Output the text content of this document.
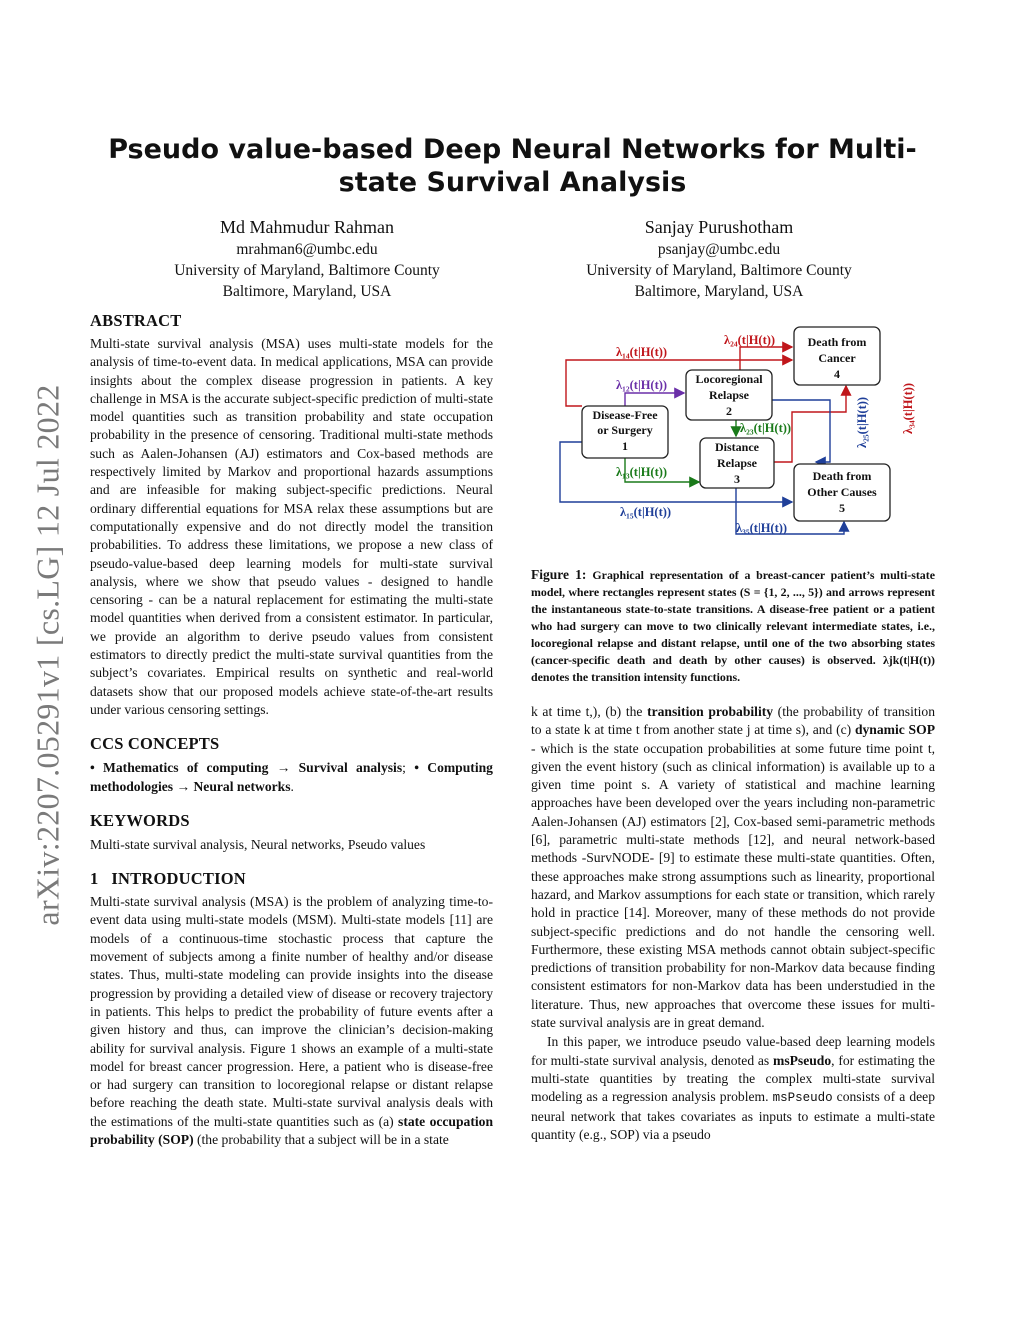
arXiv:2207.05291v1 [cs.LG] 12 Jul 2022
Pseudo value-based Deep Neural Networks for Multi-state Survival Analysis
Md Mahmudur Rahman
mrahman6@umbc.edu
University of Maryland, Baltimore County
Baltimore, Maryland, USA
Sanjay Purushotham
psanjay@umbc.edu
University of Maryland, Baltimore County
Baltimore, Maryland, USA
ABSTRACT

Multi-state survival analysis (MSA) uses multi-state models for the analysis of time-to-event data. In medical applications, MSA can provide insights about the complex disease progression in patients. A key challenge in MSA is the accurate subject-specific prediction of multi-state model quantities such as transition probability and state occupation probability in the presence of censoring. Traditional multi-state methods such as Aalen-Johansen (AJ) estimators and Cox-based methods are respectively limited by Markov and proportional hazards assumptions and are infeasible for making subject-specific predictions. Neural ordinary differential equations for MSA relax these assumptions but are computationally expensive and do not directly model the transition probabilities. To address these limitations, we propose a new class of pseudo-value-based deep learning models for multi-state survival analysis, where we show that pseudo values - designed to handle censoring - can be a natural replacement for estimating the multi-state model quantities when derived from a consistent estimator. In particular, we provide an algorithm to derive pseudo values from consistent estimators to directly predict the multi-state survival quantities from the subject’s covariates. Empirical results on synthetic and real-world datasets show that our proposed models achieve state-of-the-art results under various censoring settings.

CCS CONCEPTS

• Mathematics of computing → Survival analysis; • Computing methodologies → Neural networks.

KEYWORDS

Multi-state survival analysis, Neural networks, Pseudo values

1   INTRODUCTION

Multi-state survival analysis (MSA) is the problem of analyzing time-to-event data using multi-state models (MSM). Multi-state models [11] are models of a continuous-time stochastic process that capture the movement of subjects among a finite number of healthy and/or disease states. Thus, multi-state modeling can provide insights into the disease progression by providing a detailed view of disease or recovery trajectory in patients. This helps to predict the probability of future events after a given history and thus, can improve the clinician’s decision-making ability for survival analysis. Figure 1 shows an example of a multi-state model for breast cancer progression. Here, a patient who is disease-free or had surgery can transition to locoregional relapse or distant relapse before reaching the death state. Multi-state survival analysis deals with the estimations of the multi-state quantities such as (a) state occupation probability (SOP) (the probability that a subject will be in a state

Disease-Free
or Surgery
1
Locoregional
Relapse
2
Distance
Relapse
3
Death from
Cancer
4
Death from
Other Causes
5
λ₁₄(t|H(t))
λ₂₄(t|H(t))
λ₁₂(t|H(t))
λ₂₃(t|H(t))
λ₁₃(t|H(t))
λ₁₅(t|H(t))
λ₃₅(t|H(t))
λ₂₅(t|H(t))	λ₃₄(t|H(t))
Figure 1: Graphical representation of a breast-cancer patient’s multi-state model, where rectangles represent states (S = {1, 2, ..., 5}) and arrows represent the instantaneous state-to-state transitions. A disease-free patient or a patient who had surgery can move to two clinically relevant intermediate states, i.e., locoregional relapse and distant relapse, until one of the two absorbing states (cancer-specific death and death by other causes) is observed. λjk(t|H(t)) denotes the transition intensity functions.

k at time t,), (b) the transition probability (the probability of transition to a state k at time t from another state j at time s), and (c) dynamic SOP - which is the state occupation probabilities at some future time point t, given the event history (such as clinical information) is available up to a given time point s. A variety of statistical and machine learning approaches have been developed over the years including non-parametric Aalen-Johansen (AJ) estimators [2], Cox-based semi-parametric methods [6], parametric multi-state methods [12], and neural network-based methods -SurvNODE- [9] to estimate these multi-state quantities. Often, these approaches make strong assumptions such as linearity, proportional hazard, and Markov assumptions for each state or transition, which rarely hold in practice [14]. Moreover, many of these methods do not provide subject-specific predictions and do not handle the censoring well. Furthermore, these existing MSA methods cannot obtain subject-specific predictions of transition probability for non-Markov data because finding consistent estimators for non-Markov data has been understudied in the literature. Thus, new approaches that overcome these issues for multi-state survival analysis are in great demand.

In this paper, we introduce pseudo value-based deep learning models for multi-state survival analysis, denoted as msPseudo, for estimating the multi-state quantities by treating the complex multi-state survival modeling as a regression analysis problem. msPseudo consists of a deep neural network that takes covariates as inputs to estimate a multi-state quantity (e.g., SOP) via a pseudo
